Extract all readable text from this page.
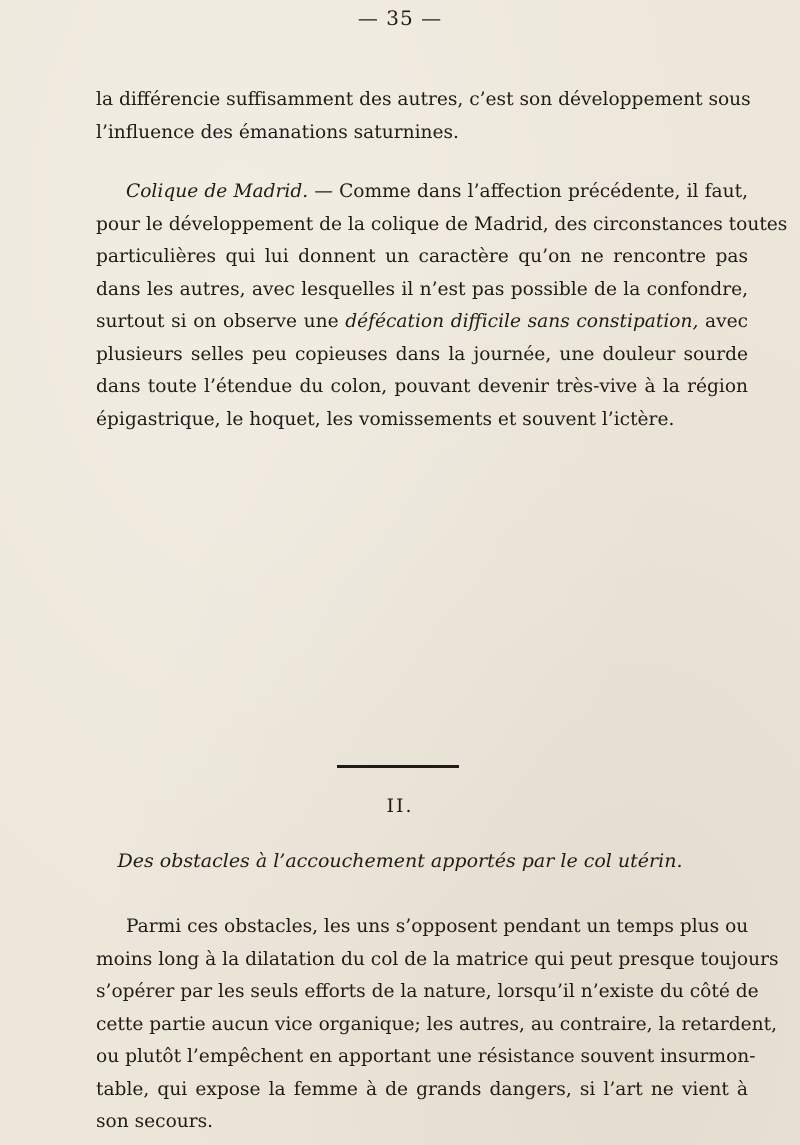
— 35 —
la différencie suffisamment des autres, c’est son développement sous
l’influence des émanations saturnines.
Colique de Madrid. — Comme dans l’affection précédente, il faut,
pour le développement de la colique de Madrid, des circonstances toutes
particulières qui lui donnent un caractère qu’on ne rencontre pas
dans les autres, avec lesquelles il n’est pas possible de la confondre,
surtout si on observe une défécation difficile sans constipation, avec
plusieurs selles peu copieuses dans la journée, une douleur sourde
dans toute l’étendue du colon, pouvant devenir très-vive à la région
épigastrique, le hoquet, les vomissements et souvent l’ictère.
II.
Des obstacles à l’accouchement apportés par le col utérin.
Parmi ces obstacles, les uns s’opposent pendant un temps plus ou
moins long à la dilatation du col de la matrice qui peut presque toujours
s’opérer par les seuls efforts de la nature, lorsqu’il n’existe du côté de
cette partie aucun vice organique; les autres, au contraire, la retardent,
ou plutôt l’empêchent en apportant une résistance souvent insurmon-
table, qui expose la femme à de grands dangers, si l’art ne vient à
son secours.
